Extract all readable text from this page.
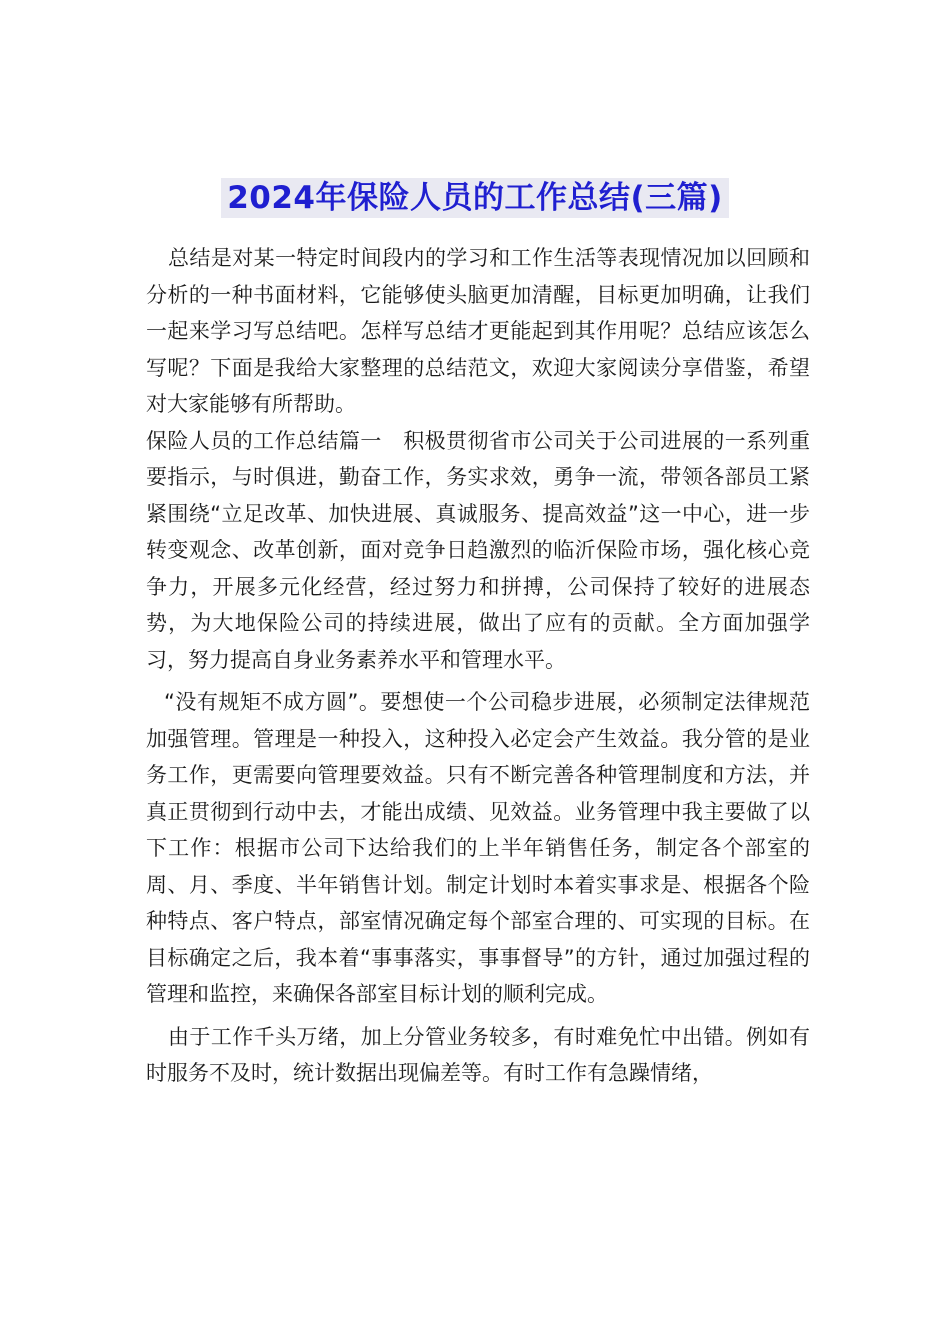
2024年保险人员的工作总结(三篇)

总结是对某一特定时间段内的学习和工作生活等表现情况加以回顾和分析的一种书面材料，它能够使头脑更加清醒，目标更加明确，让我们一起来学习写总结吧。怎样写总结才更能起到其作用呢？总结应该怎么写呢？下面是我给大家整理的总结范文，欢迎大家阅读分享借鉴，希望对大家能够有所帮助。

保险人员的工作总结篇一　积极贯彻省市公司关于公司进展的一系列重要指示，与时俱进，勤奋工作，务实求效，勇争一流，带领各部员工紧紧围绕“立足改革、加快进展、真诚服务、提高效益”这一中心，进一步转变观念、改革创新，面对竞争日趋激烈的临沂保险市场，强化核心竞争力，开展多元化经营，经过努力和拼搏，公司保持了较好的进展态势，为大地保险公司的持续进展，做出了应有的贡献。全方面加强学习，努力提高自身业务素养水平和管理水平。

“没有规矩不成方圆”。要想使一个公司稳步进展，必须制定法律规范加强管理。管理是一种投入，这种投入必定会产生效益。我分管的是业务工作，更需要向管理要效益。只有不断完善各种管理制度和方法，并真正贯彻到行动中去，才能出成绩、见效益。业务管理中我主要做了以下工作：根据市公司下达给我们的上半年销售任务，制定各个部室的周、月、季度、半年销售计划。制定计划时本着实事求是、根据各个险种特点、客户特点，部室情况确定每个部室合理的、可实现的目标。在目标确定之后，我本着“事事落实，事事督导”的方针，通过加强过程的管理和监控，来确保各部室目标计划的顺利完成。

由于工作千头万绪，加上分管业务较多，有时难免忙中出错。例如有时服务不及时，统计数据出现偏差等。有时工作有急躁情绪，
